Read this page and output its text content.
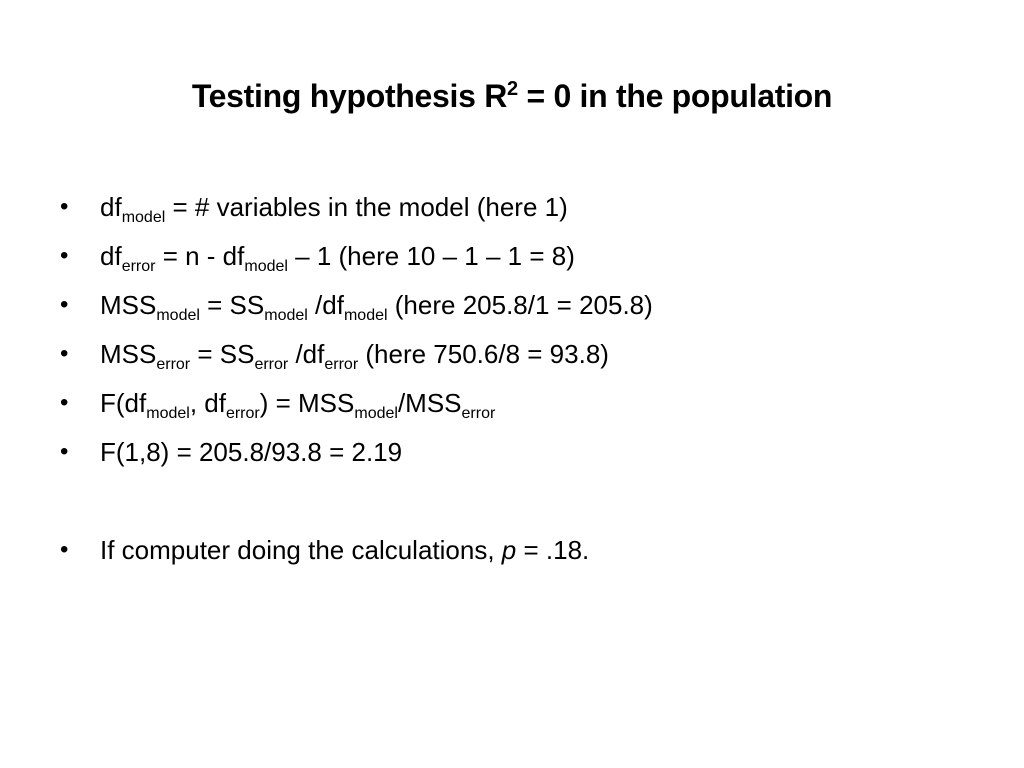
Testing hypothesis $R^2 = 0$ in the population
• $df_{model}$ = # variables in the model (here 1)
• $df_{error} = n - df_{model} - 1$ (here 10 – 1 – 1 = 8)
• $MSS_{model} = SS_{model}$ $/df_{model}$ (here 205.8/1 = 205.8)
• $MSS_{error} = SS_{error}$ $/df_{error}$ (here 750.6/8 = 93.8)
• $F(df_{model}$, $df_{error}) = MSS_{model}/MSS_{error}$
• F(1,8) = 205.8/93.8 = 2.19
• If computer doing the calculations, p = .18.
